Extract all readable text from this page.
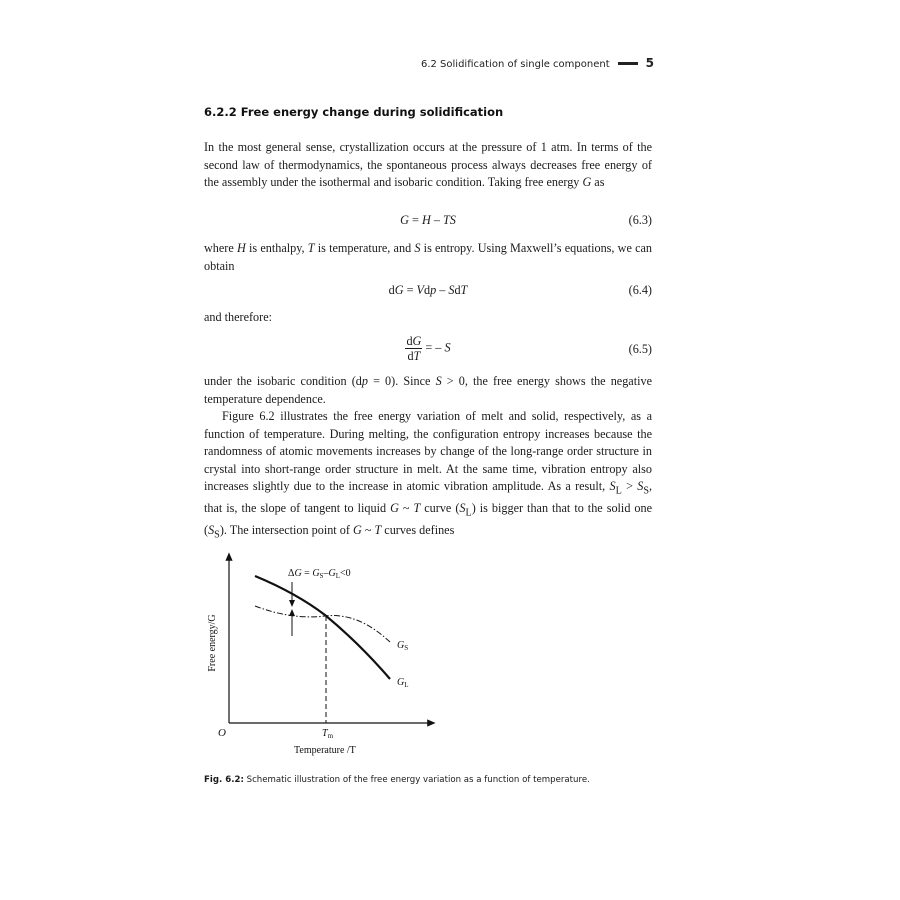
6.2 Solidification of single component	5
6.2.2 Free energy change during solidification

In the most general sense, crystallization occurs at the pressure of 1 atm. In terms of the second law of thermodynamics, the spontaneous process always decreases free energy of the assembly under the isothermal and isobaric condition. Taking free energy G as

G = H – TS	(6.3)

where H is enthalpy, T is temperature, and S is entropy. Using Maxwell’s equations, we can obtain

dG = Vdp – SdT	(6.4)

and therefore:

$\frac{dG}{dT}$ = – S	(6.5)

under the isobaric condition (dp = 0). Since S > 0, the free energy shows the negative temperature dependence.

Figure 6.2 illustrates the free energy variation of melt and solid, respectively, as a function of temperature. During melting, the configuration entropy increases because the randomness of atomic movements increases by change of the long-range order structure in crystal into short-range order structure in melt. At the same time, vibration entropy also increases slightly due to the increase in atomic vibration amplitude. As a result, $S_L > S_S$, that is, the slope of tangent to liquid G ~ T curve $(S_L)$ is bigger than that to the solid one $(S_S)$. The intersection point of G ~ T curves defines

$\Delta G = G_S-G_L<0$
$G_S$
$G_L$
O	$T_m$
Temperature /T
Free energy/G

Fig. 6.2: Schematic illustration of the free energy variation as a function of temperature.
